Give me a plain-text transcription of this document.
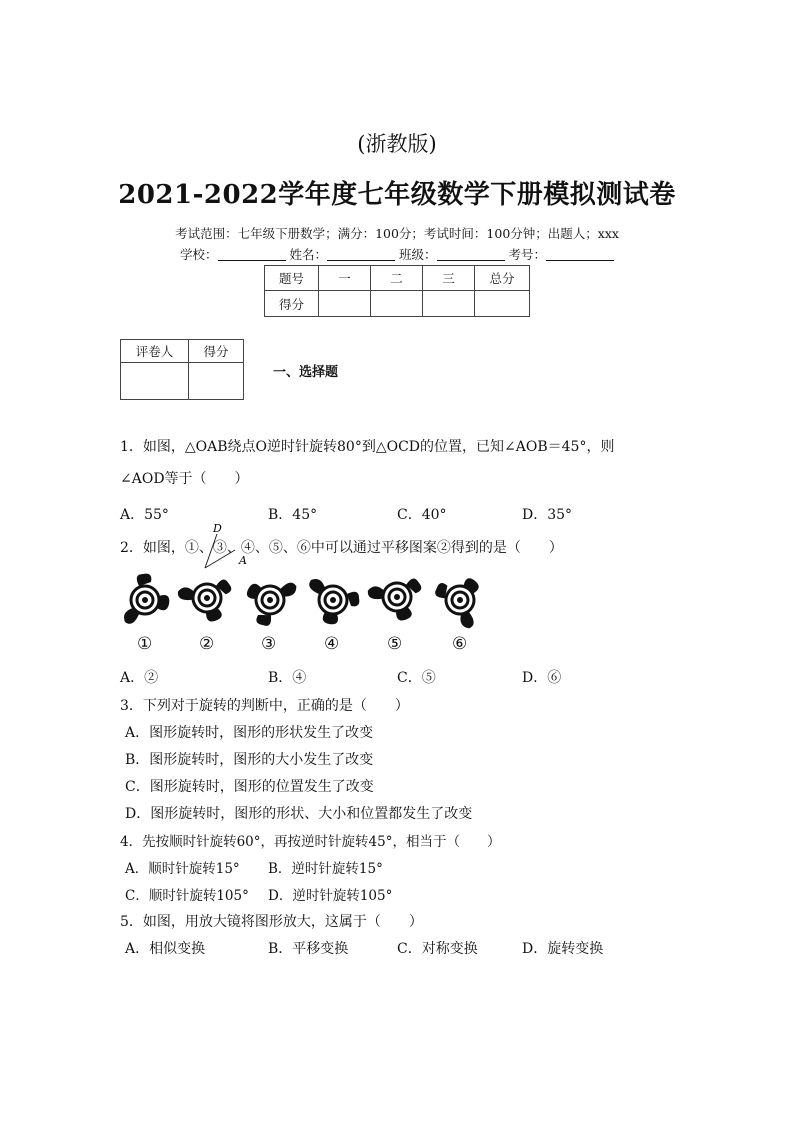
(浙教版)
2021-2022学年度七年级数学下册模拟测试卷
考试范围：七年级下册数学；满分：100分；考试时间：100分钟；出题人；xxx
学校：	姓名：	班级：	考号：
题号	一	二	三	总分
得分				
评卷人	得分

一、选择题
1．如图，△OAB绕点O逆时针旋转80°到△OCD的位置，已知∠AOB＝45°，则
∠AOD等于（　　）
A．55°	B．45°	C．40°	D．35°
D
A
2．如图，①、③、④、⑤、⑥中可以通过平移图案②得到的是（　　）
①	②	③	④	⑤	⑥
A．②	B．④	C．⑤	D．⑥
3．下列对于旋转的判断中，正确的是（　　）
A．图形旋转时，图形的形状发生了改变
B．图形旋转时，图形的大小发生了改变
C．图形旋转时，图形的位置发生了改变
D．图形旋转时，图形的形状、大小和位置都发生了改变
4．先按顺时针旋转60°，再按逆时针旋转45°，相当于（　　）
A．顺时针旋转15° B．逆时针旋转15°
C．顺时针旋转105° D．逆时针旋转105°
5．如图，用放大镜将图形放大，这属于（　　）
A．相似变换	B．平移变换	C．对称变换	D．旋转变换
